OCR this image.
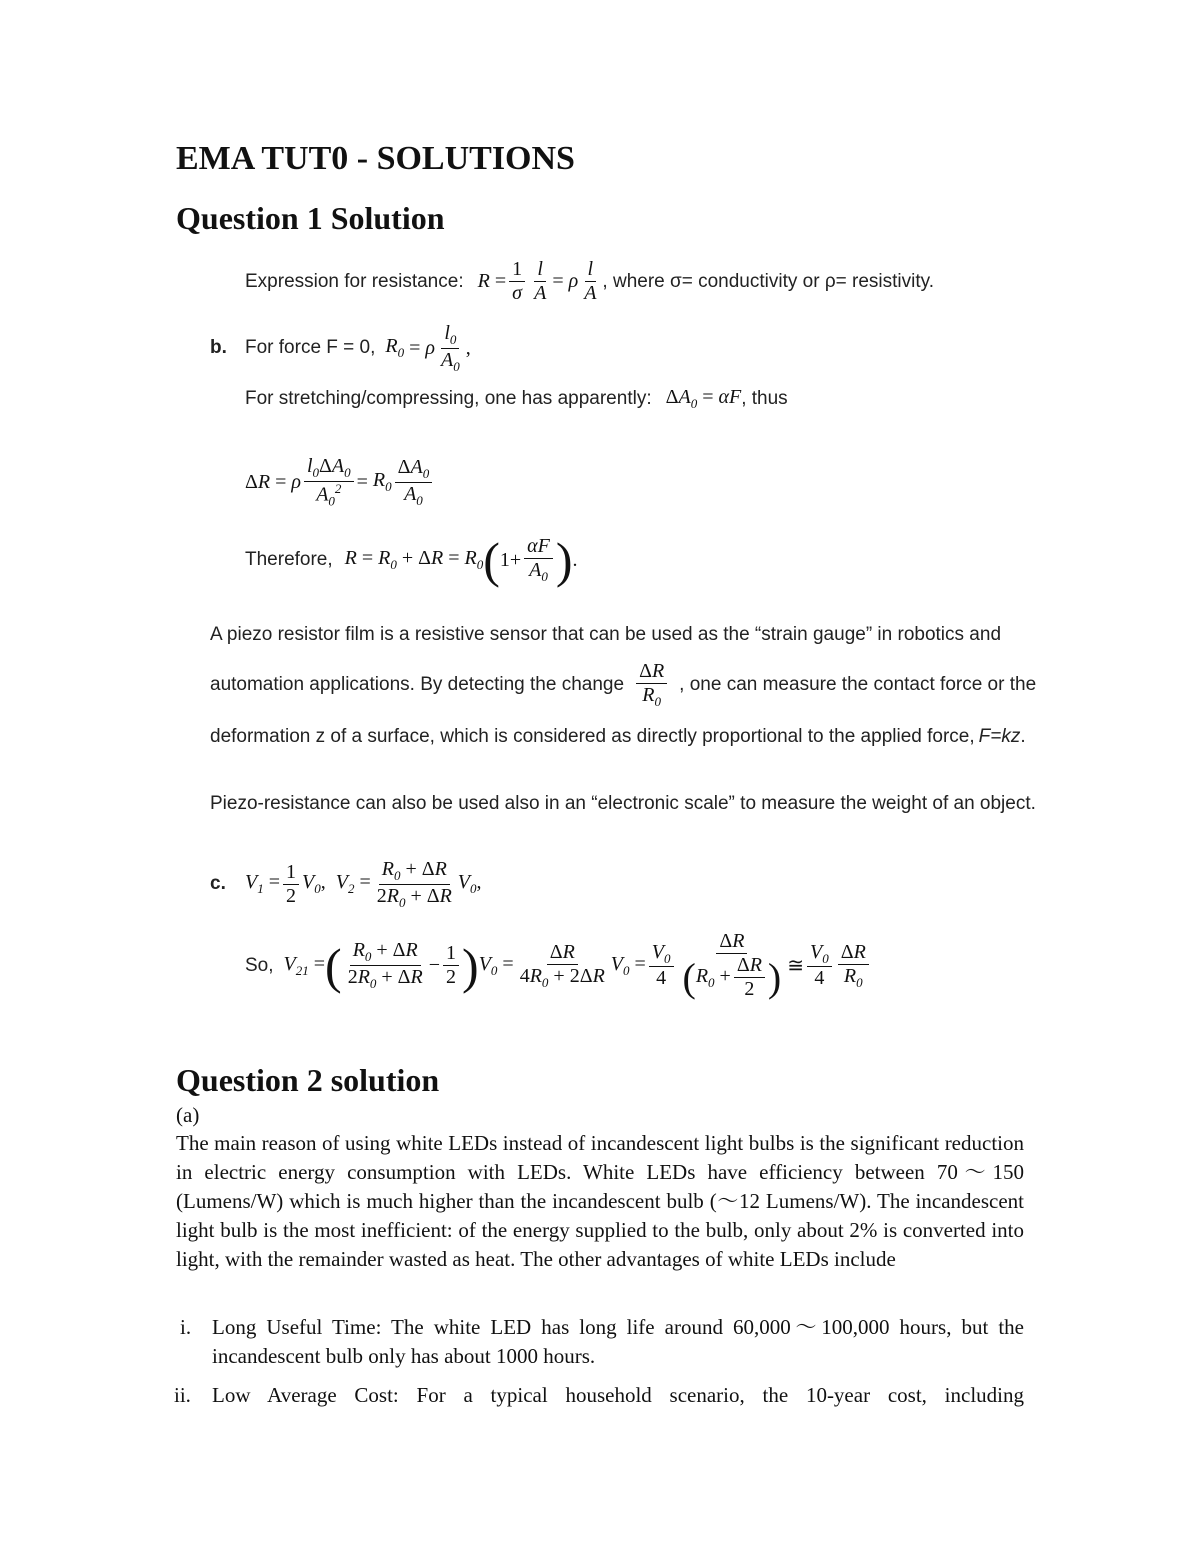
EMA TUT0 - SOLUTIONS
Question 1 Solution
Expression for resistance: $R = \frac{1}{\sigma} \frac{l}{A} = \rho \frac{l}{A}$ , where σ= conductivity or ρ= resistivity.
b. For force F = 0, $R_0 = \rho \frac{l_0}{A_0}$ ,
For stretching/compressing, one has apparently: $\Delta A_0 = \alpha F$ , thus
ΔR = ρ $\frac{l_0\Delta A_0}{A_0^2} = R_0 \frac{\Delta A_0}{A_0}$
Therefore, $R = R_0 + \Delta R = R_0$ ( $1+ \frac{\alpha F}{A_0}$ ) .
A piezo resistor film is a resistive sensor that can be used as the “strain gauge” in robotics and
automation applications. By detecting the change $\frac{\Delta R}{R_0}$ , one can measure the contact force or the
deformation z of a surface, which is considered as directly proportional to the applied force, F=kz.
Piezo-resistance can also be used also in an “electronic scale” to measure the weight of an object.
c. $V_1 = \frac{1}{2} V_0$,  $V_2 = \frac{R_0 + \Delta R}{2R_0 + \Delta R} V_0$,
So, $V_{21}$ = ( $\frac{R_0 + \Delta R}{2R_0 + \Delta R} - \frac{1}{2}$ ) $V_0 = \frac{\Delta R}{4R_0 + 2\Delta R} V_0 = \frac{V_0}{4} \frac{\Delta R}{( R_0 + \frac{\Delta R}{2} )}$ ≅ $\frac{V_0}{4} \frac{\Delta R}{R_0}$
Question 2 solution
(a)
The main reason of using white LEDs instead of incandescent light bulbs is the significant reduction in electric energy consumption with LEDs. White LEDs have efficiency between 70～150 (Lumens/W) which is much higher than the incandescent bulb (～12 Lumens/W). The incandescent light bulb is the most inefficient: of the energy supplied to the bulb, only about 2% is converted into light, with the remainder wasted as heat. The other advantages of white LEDs include
i. Long Useful Time: The white LED has long life around 60,000～100,000 hours, but the incandescent bulb only has about 1000 hours.
ii.	Low Average Cost: For a typical household scenario, the 10-year cost, including
